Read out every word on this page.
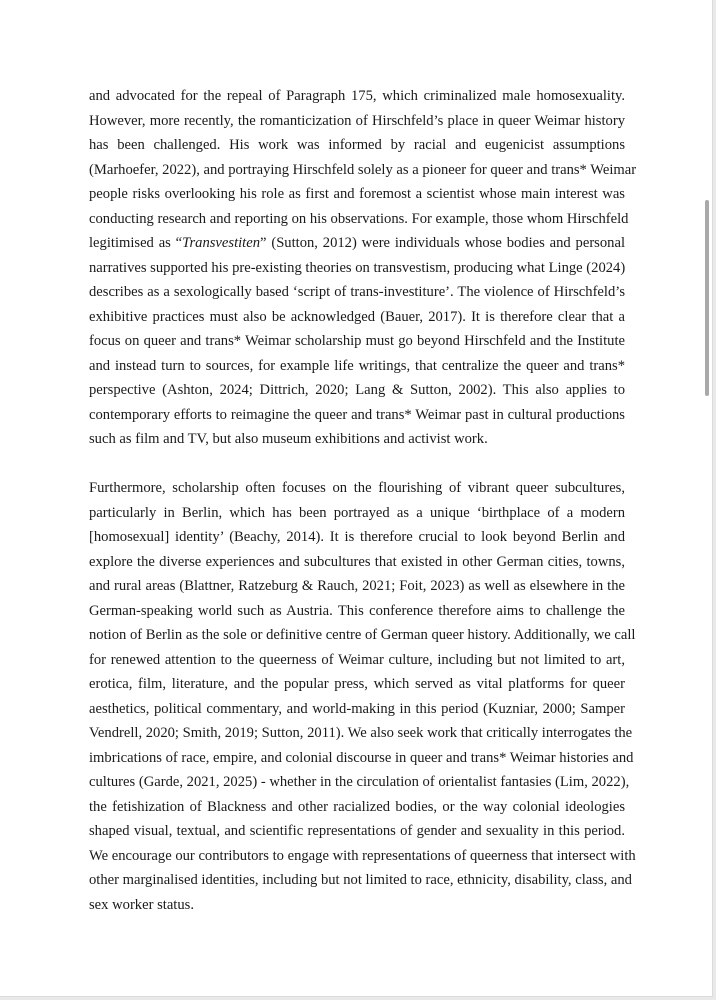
and advocated for the repeal of Paragraph 175, which criminalized male homosexuality.
However, more recently, the romanticization of Hirschfeld’s place in queer Weimar history
has been challenged. His work was informed by racial and eugenicist assumptions
(Marhoefer, 2022), and portraying Hirschfeld solely as a pioneer for queer and trans* Weimar
people risks overlooking his role as first and foremost a scientist whose main interest was
conducting research and reporting on his observations. For example, those whom Hirschfeld
legitimised as “Transvestiten” (Sutton, 2012) were individuals whose bodies and personal
narratives supported his pre-existing theories on transvestism, producing what Linge (2024)
describes as a sexologically based ‘script of trans-investiture’. The violence of Hirschfeld’s
exhibitive practices must also be acknowledged (Bauer, 2017). It is therefore clear that a
focus on queer and trans* Weimar scholarship must go beyond Hirschfeld and the Institute
and instead turn to sources, for example life writings, that centralize the queer and trans*
perspective (Ashton, 2024; Dittrich, 2020; Lang & Sutton, 2002). This also applies to
contemporary efforts to reimagine the queer and trans* Weimar past in cultural productions
such as film and TV, but also museum exhibitions and activist work.
Furthermore, scholarship often focuses on the flourishing of vibrant queer subcultures,
particularly in Berlin, which has been portrayed as a unique ‘birthplace of a modern
[homosexual] identity’ (Beachy, 2014). It is therefore crucial to look beyond Berlin and
explore the diverse experiences and subcultures that existed in other German cities, towns,
and rural areas (Blattner, Ratzeburg & Rauch, 2021; Foit, 2023) as well as elsewhere in the
German-speaking world such as Austria. This conference therefore aims to challenge the
notion of Berlin as the sole or definitive centre of German queer history. Additionally, we call
for renewed attention to the queerness of Weimar culture, including but not limited to art,
erotica, film, literature, and the popular press, which served as vital platforms for queer
aesthetics, political commentary, and world-making in this period (Kuzniar, 2000; Samper
Vendrell, 2020; Smith, 2019; Sutton, 2011). We also seek work that critically interrogates the
imbrications of race, empire, and colonial discourse in queer and trans* Weimar histories and
cultures (Garde, 2021, 2025) - whether in the circulation of orientalist fantasies (Lim, 2022),
the fetishization of Blackness and other racialized bodies, or the way colonial ideologies
shaped visual, textual, and scientific representations of gender and sexuality in this period.
We encourage our contributors to engage with representations of queerness that intersect with
other marginalised identities, including but not limited to race, ethnicity, disability, class, and
sex worker status.
